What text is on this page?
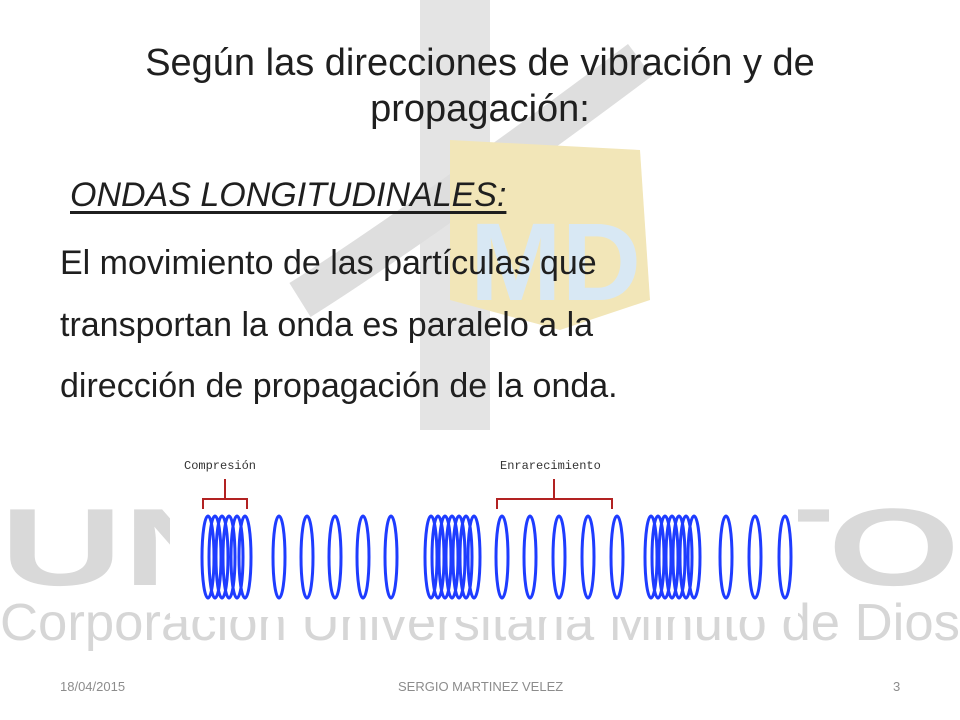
MD
UNIMINUTO
Corporación Universitaria Minuto de Dios
Según las direcciones de vibración y de propagación:
ONDAS LONGITUDINALES:
El movimiento de las partículas que
transportan la onda es paralelo a la
dirección de propagación de la onda.
Compresión	Enrarecimiento
18/04/2015	SERGIO MARTINEZ VELEZ	3
